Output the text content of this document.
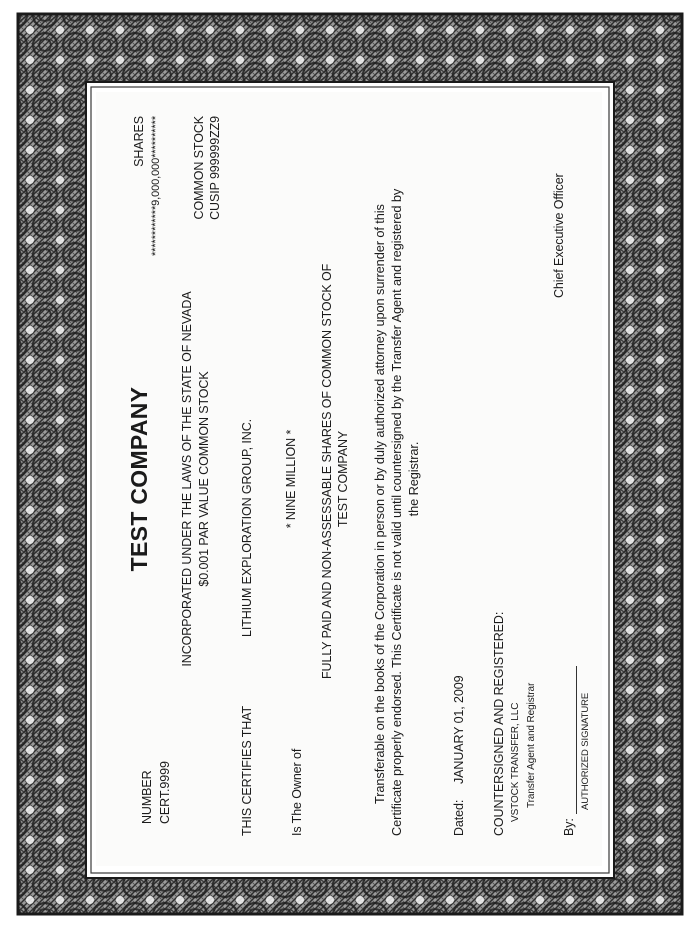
NUMBER CERT.9999
TEST COMPANY INCORPORATED UNDER THE LAWS OF THE STATE OF NEVADA $0.001 PAR VALUE COMMON STOCK
SHARES ************9,000,000********** COMMON STOCK CUSIP 999999ZZ9
THIS CERTIFIES THAT
LITHIUM EXPLORATION GROUP, INC.
Is The Owner of
* NINE MILLION * FULLY PAID AND NON-ASSESSABLE SHARES OF COMMON STOCK OF TEST COMPANY Transferable on the books of the Corporation in person or by duly authorized attorney upon surrender of this Certificate properly endorsed. This Certificate is not valid until countersigned by the Transfer Agent and registered by the Registrar.
Dated:
JANUARY 01, 2009 COUNTERSIGNED AND REGISTERED: VSTOCK TRANSFER, LLC Transfer Agent and Registrar
By:
AUTHORIZED SIGNATURE
Chief Executive Officer
